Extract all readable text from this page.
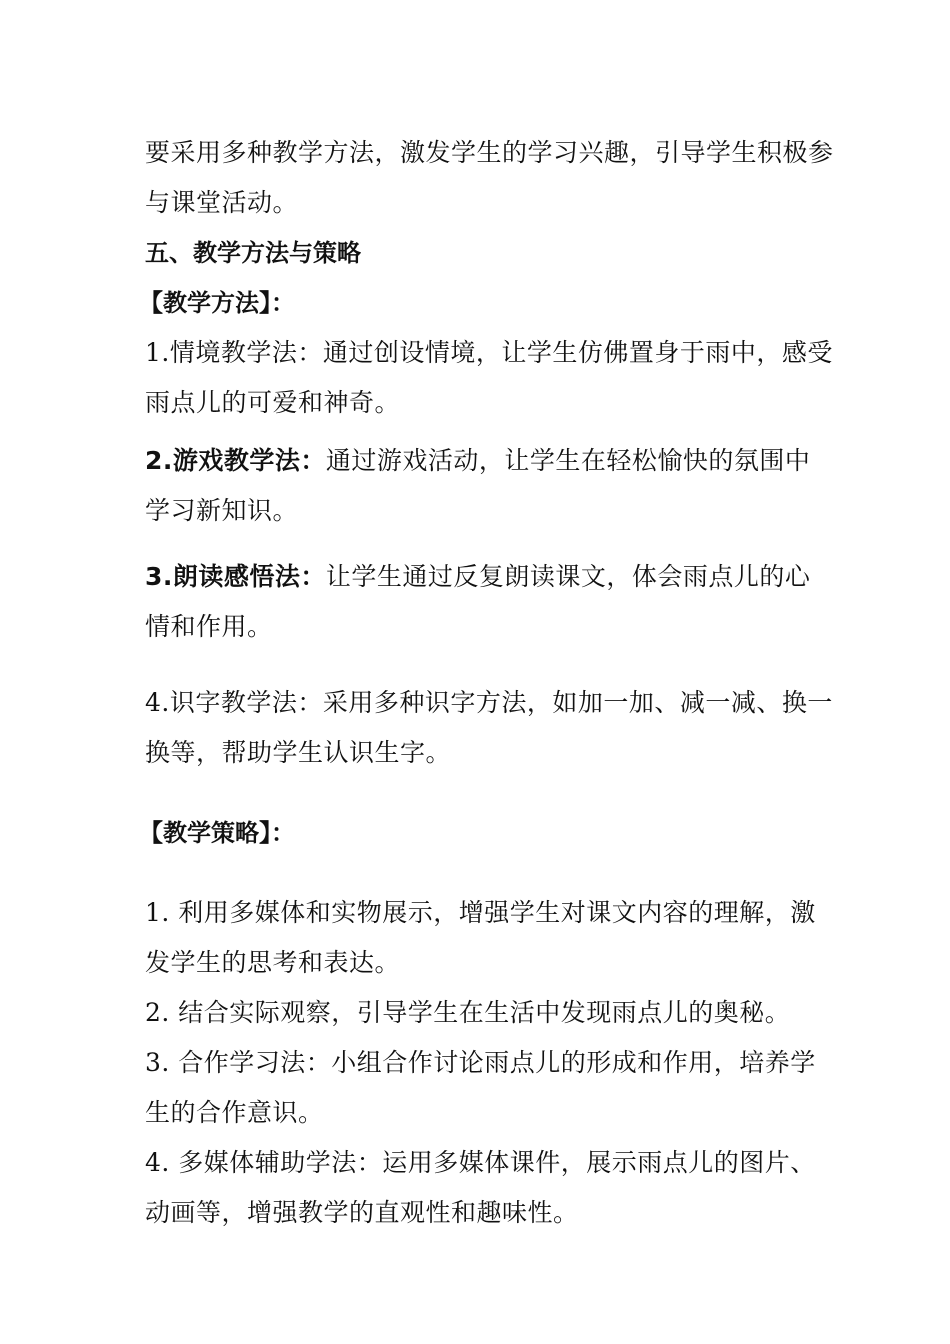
要采用多种教学方法，激发学生的学习兴趣，引导学生积极参与课堂活动。

五、教学方法与策略

【教学方法】：

1.情境教学法：通过创设情境，让学生仿佛置身于雨中，感受雨点儿的可爱和神奇。

2.游戏教学法：通过游戏活动，让学生在轻松愉快的氛围中学习新知识。

3.朗读感悟法：让学生通过反复朗读课文，体会雨点儿的心情和作用。

4.识字教学法：采用多种识字方法，如加一加、减一减、换一换等，帮助学生认识生字。

【教学策略】：

1. 利用多媒体和实物展示，增强学生对课文内容的理解，激发学生的思考和表达。

2. 结合实际观察，引导学生在生活中发现雨点儿的奥秘。

3. 合作学习法：小组合作讨论雨点儿的形成和作用，培养学生的合作意识。

4. 多媒体辅助学法：运用多媒体课件，展示雨点儿的图片、动画等，增强教学的直观性和趣味性。
